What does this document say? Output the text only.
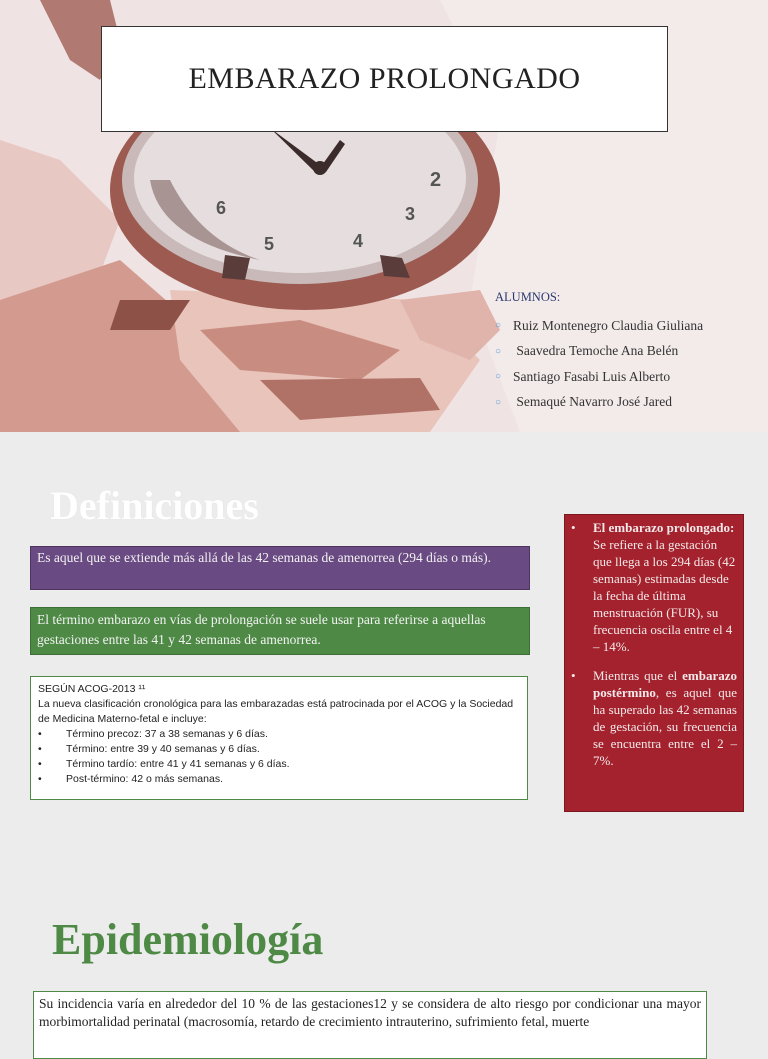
2
3
4
5
6
EMBARAZO PROLONGADO
ALUMNOS:
○ Ruiz Montenegro Claudia Giuliana
○ Saavedra Temoche Ana Belén
○ Santiago Fasabi Luis Alberto
○ Semaqué Navarro José Jared
Definiciones
Es aquel que se extiende más allá de las 42 semanas de amenorrea (294 días o más).
El término embarazo en vías de prolongación se suele usar para referirse a aquellas gestaciones entre las 41 y 42 semanas de amenorrea.
SEGÚN ACOG-2013 ¹¹
La nueva clasificación cronológica para las embarazadas está patrocinada por el ACOG y la Sociedad de Medicina Materno-fetal e incluye:
•	Término precoz: 37 a 38 semanas y 6 días.
•	Término: entre 39 y 40 semanas y 6 días.
•	Término tardío: entre 41 y 41 semanas y 6 días.
•	Post-término: 42 o más semanas.
•	El embarazo prolongado: Se refiere a la gestación que llega a los 294 días (42 semanas) estimadas desde la fecha de última menstruación (FUR), su frecuencia oscila entre el 4 – 14%.
•	Mientras que el embarazo postérmino, es aquel que ha superado las 42 semanas de gestación, su frecuencia se encuentra entre el 2 – 7%.
Epidemiología
Su incidencia varía en alrededor del 10 % de las gestaciones12 y se considera de alto riesgo por condicionar una mayor morbimortalidad perinatal (macrosomía, retardo de crecimiento intrauterino, sufrimiento fetal, muerte
